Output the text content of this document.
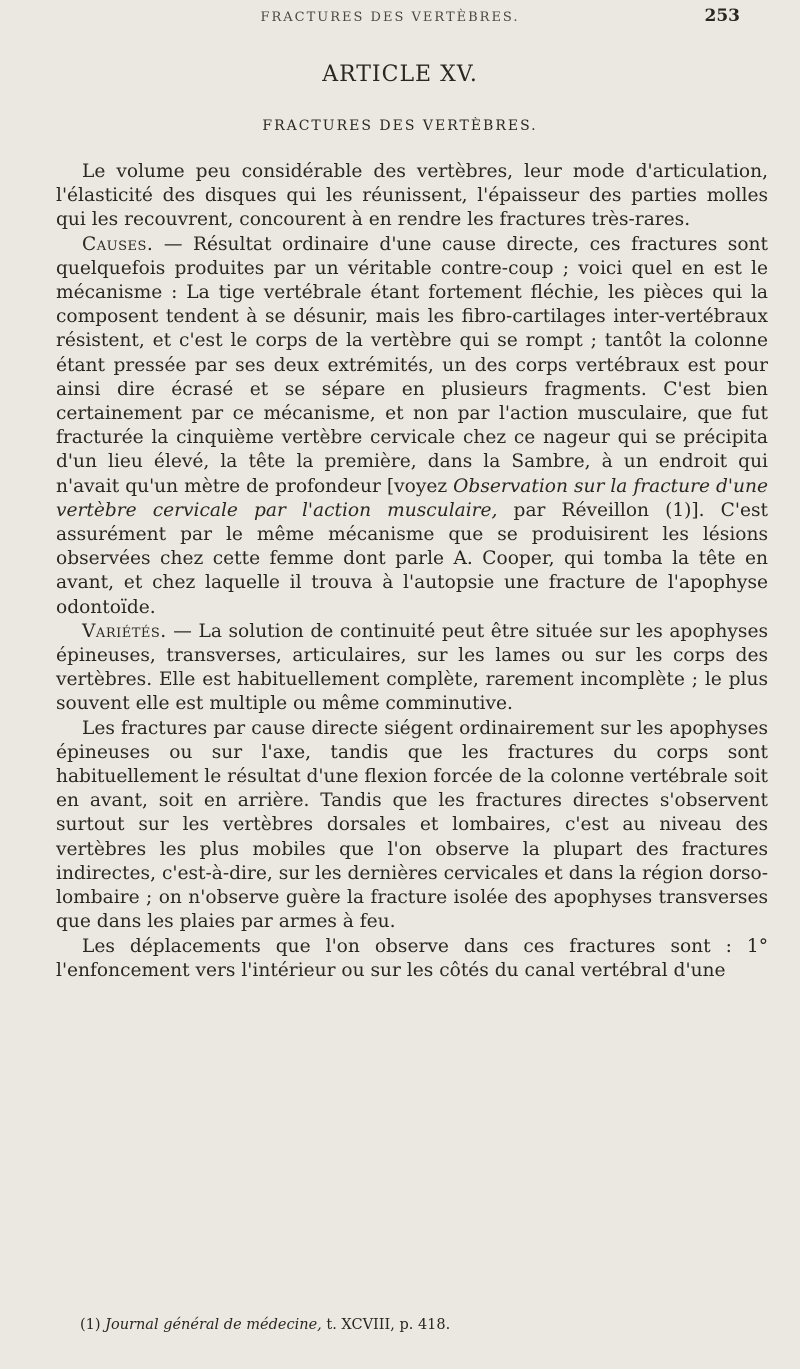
FRACTURES DES VERTÈBRES.	253
ARTICLE XV.
FRACTURES DES VERTÈBRES.

Le volume peu considérable des vertèbres, leur mode d'articulation, l'élasticité des disques qui les réunissent, l'épaisseur des parties molles qui les recouvrent, concourent à en rendre les fractures très-rares.

Causes. — Résultat ordinaire d'une cause directe, ces fractures sont quelquefois produites par un véritable contre-coup ; voici quel en est le mécanisme : La tige vertébrale étant fortement fléchie, les pièces qui la composent tendent à se désunir, mais les fibro-cartilages inter-vertébraux résistent, et c'est le corps de la vertèbre qui se rompt ; tantôt la colonne étant pressée par ses deux extrémités, un des corps vertébraux est pour ainsi dire écrasé et se sépare en plusieurs fragments. C'est bien certainement par ce mécanisme, et non par l'action musculaire, que fut fracturée la cinquième vertèbre cervicale chez ce nageur qui se précipita d'un lieu élevé, la tête la première, dans la Sambre, à un endroit qui n'avait qu'un mètre de profondeur [voyez Observation sur la fracture d'une vertèbre cervicale par l'action musculaire, par Réveillon (1)]. C'est assurément par le même mécanisme que se produisirent les lésions observées chez cette femme dont parle A. Cooper, qui tomba la tête en avant, et chez laquelle il trouva à l'autopsie une fracture de l'apophyse odontoïde.

Variétés. — La solution de continuité peut être située sur les apophyses épineuses, transverses, articulaires, sur les lames ou sur les corps des vertèbres. Elle est habituellement complète, rarement incomplète ; le plus souvent elle est multiple ou même comminutive.

Les fractures par cause directe siégent ordinairement sur les apophyses épineuses ou sur l'axe, tandis que les fractures du corps sont habituellement le résultat d'une flexion forcée de la colonne vertébrale soit en avant, soit en arrière. Tandis que les fractures directes s'observent surtout sur les vertèbres dorsales et lombaires, c'est au niveau des vertèbres les plus mobiles que l'on observe la plupart des fractures indirectes, c'est-à-dire, sur les dernières cervicales et dans la région dorso-lombaire ; on n'observe guère la fracture isolée des apophyses transverses que dans les plaies par armes à feu.

Les déplacements que l'on observe dans ces fractures sont : 1° l'enfoncement vers l'intérieur ou sur les côtés du canal vertébral d'une

(1) Journal général de médecine, t. XCVIII, p. 418.
